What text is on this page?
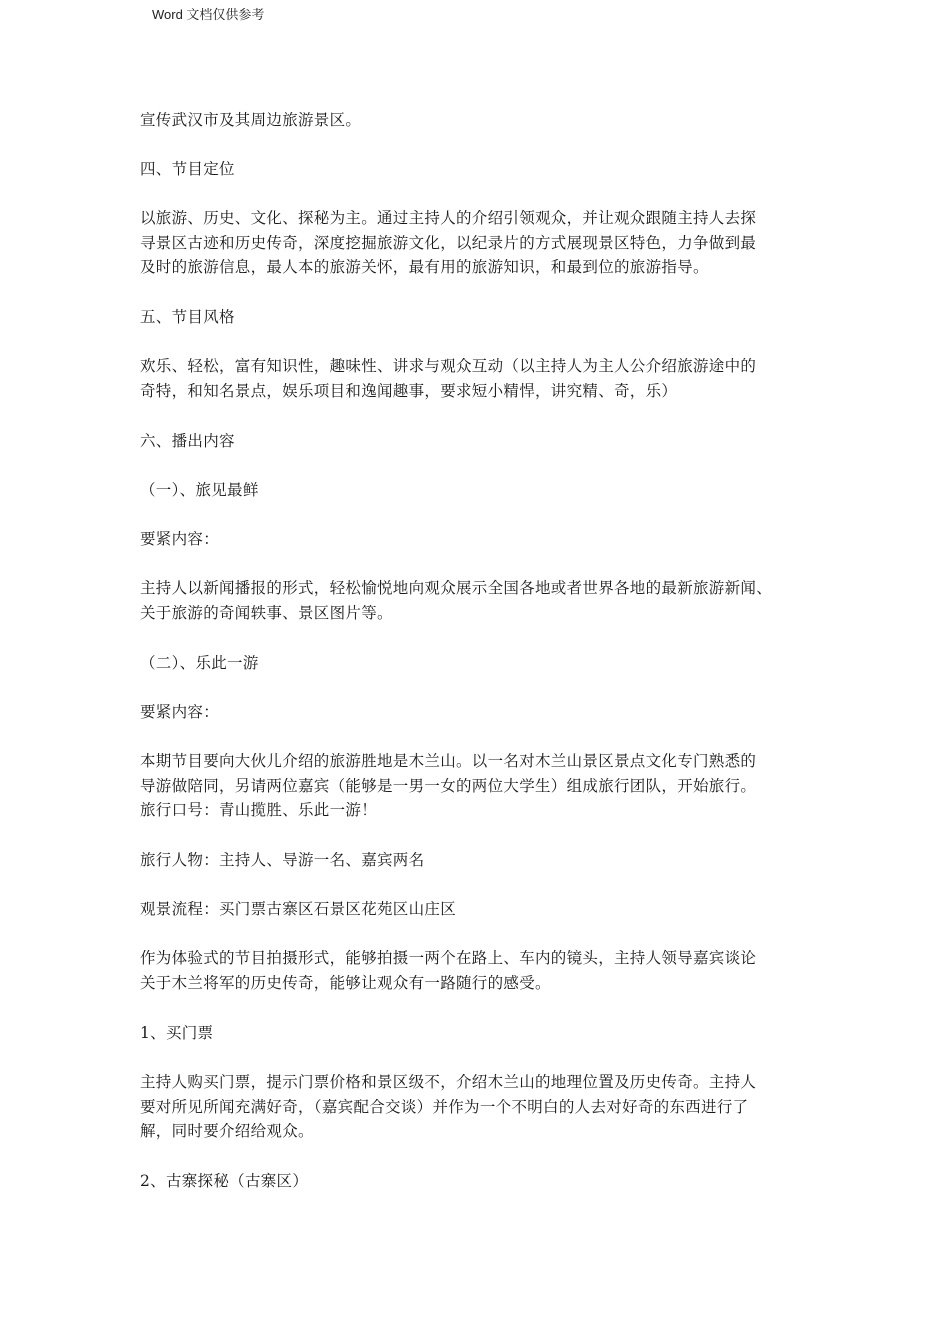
Word 文档仅供参考

宣传武汉市及其周边旅游景区。

四、节目定位

以旅游、历史、文化、探秘为主。通过主持人的介绍引领观众，并让观众跟随主持人去探
寻景区古迹和历史传奇，深度挖掘旅游文化，以纪录片的方式展现景区特色，力争做到最
及时的旅游信息，最人本的旅游关怀，最有用的旅游知识，和最到位的旅游指导。

五、节目风格

欢乐、轻松，富有知识性，趣味性、讲求与观众互动（以主持人为主人公介绍旅游途中的
奇特，和知名景点，娱乐项目和逸闻趣事，要求短小精悍，讲究精、奇，乐）

六、播出内容

（一）、旅见最鲜

要紧内容：

主持人以新闻播报的形式，轻松愉悦地向观众展示全国各地或者世界各地的最新旅游新闻、
关于旅游的奇闻轶事、景区图片等。

（二）、乐此一游

要紧内容：

本期节目要向大伙儿介绍的旅游胜地是木兰山。以一名对木兰山景区景点文化专门熟悉的
导游做陪同，另请两位嘉宾（能够是一男一女的两位大学生）组成旅行团队，开始旅行。
旅行口号：青山揽胜、乐此一游！

旅行人物：主持人、导游一名、嘉宾两名

观景流程：买门票古寨区石景区花苑区山庄区

作为体验式的节目拍摄形式，能够拍摄一两个在路上、车内的镜头，主持人领导嘉宾谈论
关于木兰将军的历史传奇，能够让观众有一路随行的感受。

1、买门票

主持人购买门票，提示门票价格和景区级不，介绍木兰山的地理位置及历史传奇。主持人
要对所见所闻充满好奇，（嘉宾配合交谈）并作为一个不明白的人去对好奇的东西进行了
解，同时要介绍给观众。

2、古寨探秘（古寨区）
